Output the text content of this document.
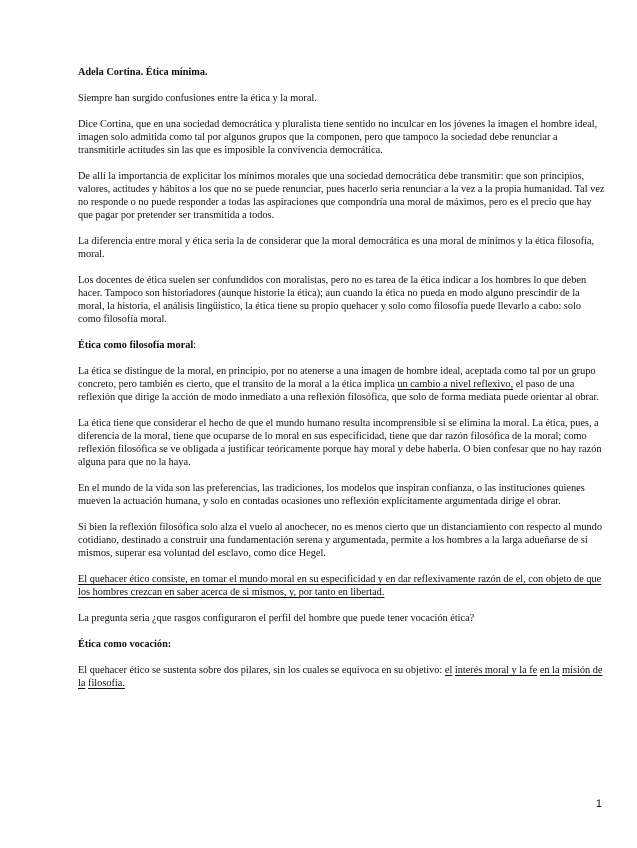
Adela Cortina. Ética mínima.

Siempre han surgido confusiones entre la ética y la moral.

Dice Cortina, que en una sociedad democrática y pluralista tiene sentido no inculcar en los jóvenes la imagen el hombre ideal, imagen solo admitida como tal por algunos grupos que la componen, pero que tampoco la sociedad debe renunciar a transmitirle actitudes sin las que es imposible la convivencia democrática.

De allí la importancia de explicitar los mínimos morales que una sociedad democrática debe transmitir: que son principios, valores, actitudes y hábitos a los que no se puede renunciar, pues hacerlo seria renunciar a la vez a la propia humanidad. Tal vez no responde o no puede responder a todas las aspiraciones que compondría una moral de máximos, pero es el precio que hay que pagar por pretender ser transmitida a todos.

La diferencia entre moral y ética seria la de considerar que la moral democrática es una moral de mínimos y la ética filosofía, moral.

Los docentes de ética suelen ser confundidos con moralistas, pero no es tarea de la ética indicar a los hombres lo que deben hacer. Tampoco son historiadores (aunque historie la ética); aun cuando la ética no pueda en modo alguno prescindir de la moral, la historia, el análisis lingüístico, la ética tiene su propio quehacer y solo como filosofía puede llevarlo a cabo: solo como filosofía moral.

Ética como filosofía moral:

La ética se distingue de la moral, en principio, por no atenerse a una imagen de hombre ideal, aceptada como tal por un grupo concreto, pero también es cierto, que el transito de la moral a la ética implica un cambio a nivel reflexivo, el paso de una reflexión que dirige la acción de modo inmediato a una reflexión filosófica, que solo de forma mediata puede orientar al obrar.

La ética tiene que considerar el hecho de que el mundo humano resulta incomprensible si se elimina la moral. La ética, pues, a diferencia de la moral, tiene que ocuparse de lo moral en sus especificidad, tiene que dar razón filosófica de la moral; como reflexión filosófica se ve obligada a justificar teóricamente porque hay moral y debe haberla. O bien confesar que no hay razón alguna para que no la haya.

En el mundo de la vida son las preferencias, las tradiciones, los modelos que inspiran confianza, o las instituciones quienes mueven la actuación humana, y solo en contadas ocasiones uno reflexión explícitamente argumentada dirige el obrar.

Si bien la reflexión filosófica solo alza el vuelo al anochecer, no es menos cierto que un distanciamiento con respecto al mundo cotidiano, destinado a construir una fundamentación serena y argumentada, permite a los hombres a la larga adueñarse de si mismos, superar esa voluntad del esclavo, como dice Hegel.

El quehacer ético consiste, en tomar el mundo moral en su especificidad y en dar reflexivamente razón de el, con objeto de que los hombres crezcan en saber acerca de si mismos, y, por tanto en libertad.

La pregunta seria ¿que rasgos configuraron el perfil del hombre que puede tener vocación ética?

Ética como vocación:

El quehacer ético se sustenta sobre dos pilares, sin los cuales se equivoca en su objetivo: el interés moral y la fe en la misión de la filosofía.

1
